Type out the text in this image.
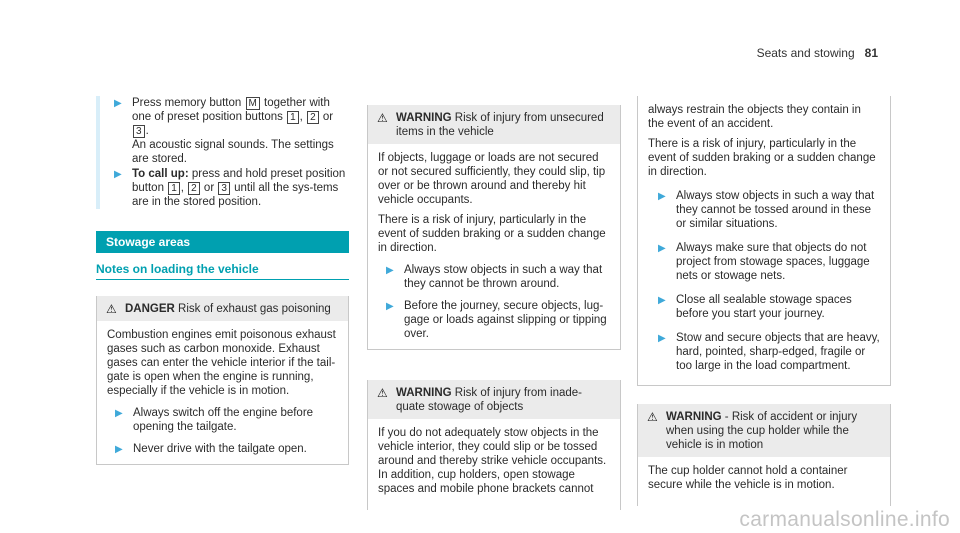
Seats and stowing 81
▶ Press memory button M together with one of preset position buttons 1 , 2 or 3 .
An acoustic signal sounds. The settings are stored.
▶ To call up: press and hold preset position button 1 , 2 or 3 until all the sys-tems are in the stored position.
Stowage areas
Notes on loading the vehicle
⚠ DANGER Risk of exhaust gas poisoning

Combustion engines emit poisonous exhaust gases such as carbon monoxide. Exhaust gases can enter the vehicle interior if the tail-gate is open when the engine is running, especially if the vehicle is in motion.

▶ Always switch off the engine before opening the tailgate.
▶ Never drive with the tailgate open.
⚠ WARNING Risk of injury from unsecured items in the vehicle

If objects, luggage or loads are not secured or not secured sufficiently, they could slip, tip over or be thrown around and thereby hit vehicle occupants.

There is a risk of injury, particularly in the event of sudden braking or a sudden change in direction.

▶ Always stow objects in such a way that they cannot be thrown around.
▶ Before the journey, secure objects, lug-gage or loads against slipping or tipping over.
⚠ WARNING Risk of injury from inade-quate stowage of objects

If you do not adequately stow objects in the vehicle interior, they could slip or be tossed around and thereby strike vehicle occupants. In addition, cup holders, open stowage spaces and mobile phone brackets cannot

always restrain the objects they contain in the event of an accident.

There is a risk of injury, particularly in the event of sudden braking or a sudden change in direction.

▶ Always stow objects in such a way that they cannot be tossed around in these or similar situations.
▶ Always make sure that objects do not project from stowage spaces, luggage nets or stowage nets.
▶ Close all sealable stowage spaces before you start your journey.
▶ Stow and secure objects that are heavy, hard, pointed, sharp-edged, fragile or too large in the load compartment.
⚠ WARNING - Risk of accident or injury when using the cup holder while the vehicle is in motion

The cup holder cannot hold a container secure while the vehicle is in motion.

carmanualsonline.info
